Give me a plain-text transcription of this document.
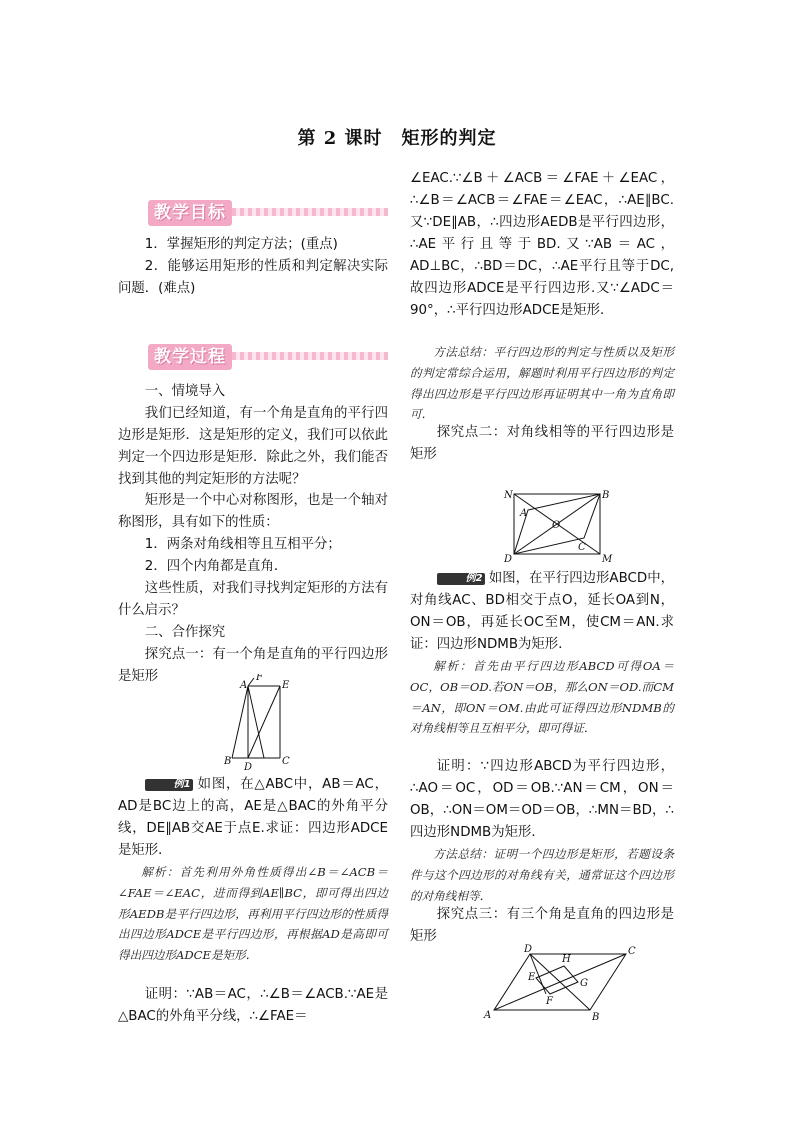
第 2 课时　矩形的判定
教学目标

1．掌握矩形的判定方法；(重点)

2．能够运用矩形的性质和判定解决实际问题．(难点)

教学过程

一、情境导入

我们已经知道，有一个角是直角的平行四边形是矩形．这是矩形的定义，我们可以依此判定一个四边形是矩形．除此之外，我们能否找到其他的判定矩形的方法呢？

矩形是一个中心对称图形，也是一个轴对称图形，具有如下的性质：

1．两条对角线相等且互相平分；

2．四个内角都是直角．

这些性质，对我们寻找判定矩形的方法有什么启示？

二、合作探究

探究点一：有一个角是直角的平行四边形是矩形

A
F
E
B
D
C

例1 如图，在△ABC中，AB＝AC，AD是BC边上的高，AE是△BAC的外角平分线，DE∥AB交AE于点E.求证：四边形ADCE是矩形．

解析：首先利用外角性质得出∠B＝∠ACB＝∠FAE＝∠EAC，进而得到AE∥BC，即可得出四边形AEDB是平行四边形，再利用平行四边形的性质得出四边形ADCE是平行四边形，再根据AD是高即可得出四边形ADCE是矩形．

证明：∵AB＝AC，∴∠B＝∠ACB.∵AE是△BAC的外角平分线，∴∠FAE＝

∠EAC.∵∠B＋∠ACB＝∠FAE＋∠EAC，∴∠B＝∠ACB＝∠FAE＝∠EAC，∴AE∥BC.又∵DE∥AB，∴四边形AEDB是平行四边形，∴AE平行且等于BD.又∵AB＝AC，AD⊥BC，∴BD＝DC，∴AE平行且等于DC,故四边形ADCE是平行四边形.又∵∠ADC＝90°，∴平行四边形ADCE是矩形．

方法总结：平行四边形的判定与性质以及矩形的判定常综合运用，解题时利用平行四边形的判定得出四边形是平行四边形再证明其中一角为直角即可．

探究点二：对角线相等的平行四边形是矩形

N	B
A
O
C
D	M

例2 如图，在平行四边形ABCD中，对角线AC、BD相交于点O，延长OA到N，ON＝OB，再延长OC至M，使CM＝AN.求证：四边形NDMB为矩形．

解析：首先由平行四边形ABCD可得OA＝OC，OB＝OD.若ON＝OB，那么ON＝OD.而CM＝AN，即ON＝OM.由此可证得四边形NDMB的对角线相等且互相平分，即可得证．

证明：∵四边形ABCD为平行四边形，∴AO＝OC，OD＝OB.∵AN＝CM，ON＝OB，∴ON＝OM＝OD＝OB，∴MN＝BD，∴四边形NDMB为矩形．

方法总结：证明一个四边形是矩形，若题设条件与这个四边形的对角线有关，通常证这个四边形的对角线相等．

探究点三：有三个角是直角的四边形是矩形

A	B
D	C
H
E
G
F
